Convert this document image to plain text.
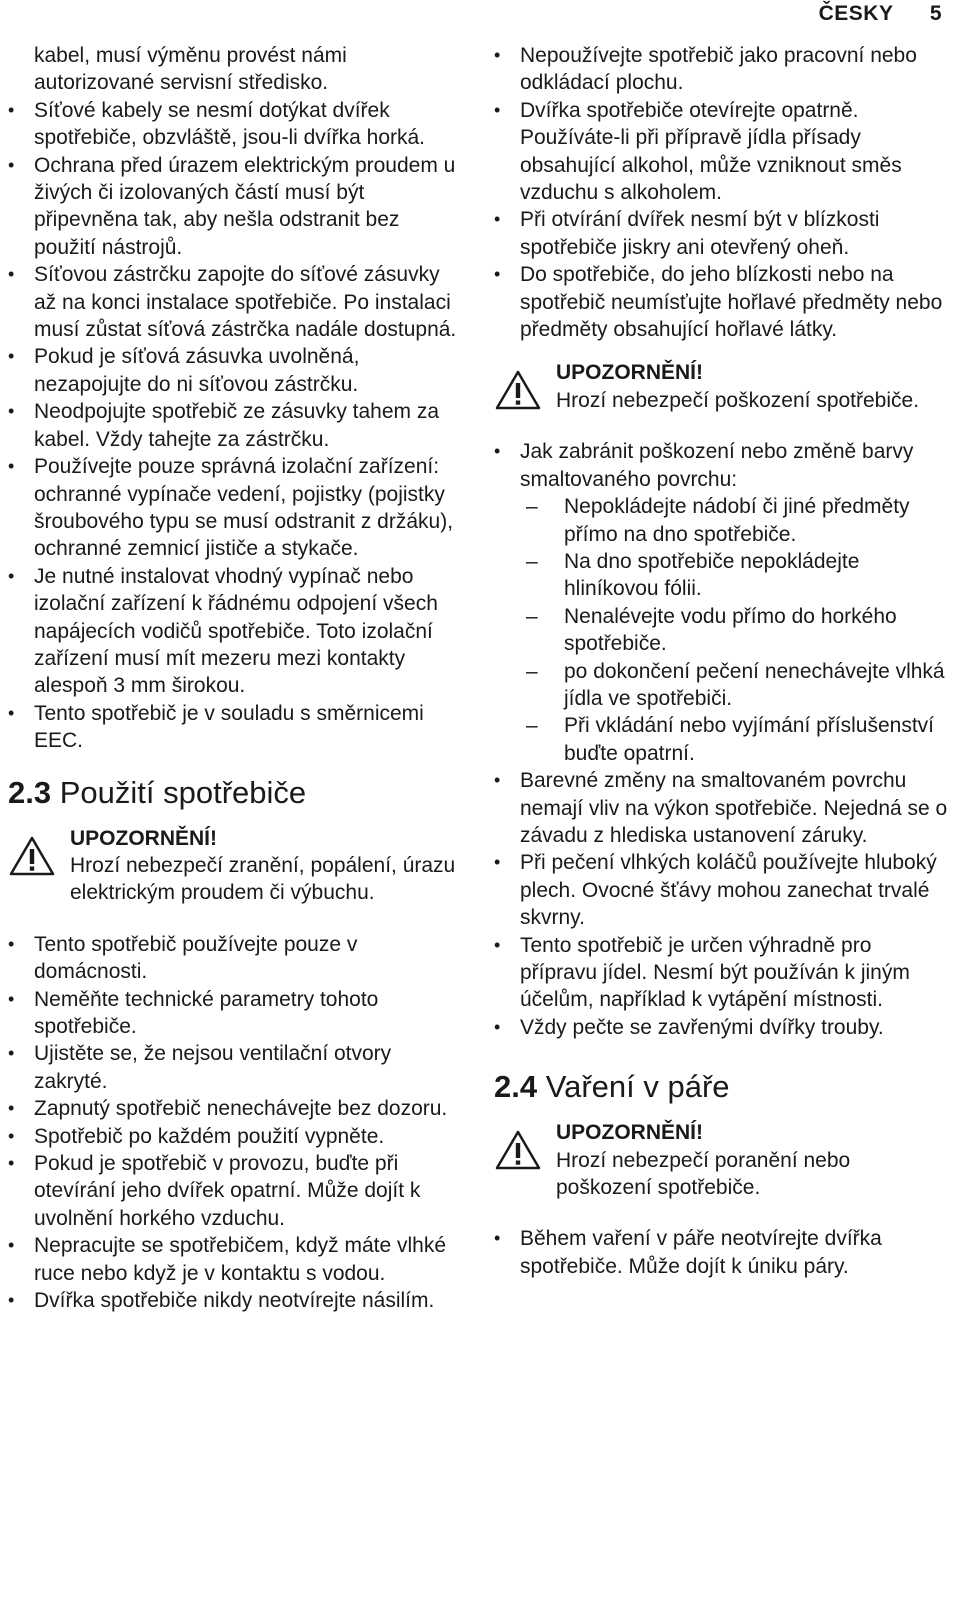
ČESKY 5
kabel, musí výměnu provést námi autorizované servisní středisko.
• Síťové kabely se nesmí dotýkat dvířek spotřebiče, obzvláště, jsou-li dvířka horká.
• Ochrana před úrazem elektrickým proudem u živých či izolovaných částí musí být připevněna tak, aby nešla odstranit bez použití nástrojů.
• Síťovou zástrčku zapojte do síťové zásuvky až na konci instalace spotřebiče. Po instalaci musí zůstat síťová zástrčka nadále dostupná.
• Pokud je síťová zásuvka uvolněná, nezapojujte do ni síťovou zástrčku.
• Neodpojujte spotřebič ze zásuvky tahem za kabel. Vždy tahejte za zástrčku.
• Používejte pouze správná izolační zařízení: ochranné vypínače vedení, pojistky (pojistky šroubového typu se musí odstranit z držáku), ochranné zemnicí jističe a stykače.
• Je nutné instalovat vhodný vypínač nebo izolační zařízení k řádnému odpojení všech napájecích vodičů spotřebiče. Toto izolační zařízení musí mít mezeru mezi kontakty alespoň 3 mm širokou.
• Tento spotřebič je v souladu s směrnicemi EEC.
2.3 Použití spotřebiče
UPOZORNĚNÍ!
Hrozí nebezpečí zranění, popálení, úrazu elektrickým proudem či výbuchu.
• Tento spotřebič používejte pouze v domácnosti.
• Neměňte technické parametry tohoto spotřebiče.
• Ujistěte se, že nejsou ventilační otvory zakryté.
• Zapnutý spotřebič nenechávejte bez dozoru.
• Spotřebič po každém použití vypněte.
• Pokud je spotřebič v provozu, buďte při otevírání jeho dvířek opatrní. Může dojít k uvolnění horkého vzduchu.
• Nepracujte se spotřebičem, když máte vlhké ruce nebo když je v kontaktu s vodou.
• Dvířka spotřebiče nikdy neotvírejte násilím.
• Nepoužívejte spotřebič jako pracovní nebo odkládací plochu.
• Dvířka spotřebiče otevírejte opatrně. Používáte-li při přípravě jídla přísady obsahující alkohol, může vzniknout směs vzduchu s alkoholem.
• Při otvírání dvířek nesmí být v blízkosti spotřebiče jiskry ani otevřený oheň.
• Do spotřebiče, do jeho blízkosti nebo na spotřebič neumísťujte hořlavé předměty nebo předměty obsahující hořlavé látky.
UPOZORNĚNÍ!
Hrozí nebezpečí poškození spotřebiče.
• Jak zabránit poškození nebo změně barvy smaltovaného povrchu:
– Nepokládejte nádobí či jiné předměty přímo na dno spotřebiče.
– Na dno spotřebiče nepokládejte hliníkovou fólii.
– Nenalévejte vodu přímo do horkého spotřebiče.
– po dokončení pečení nenechávejte vlhká jídla ve spotřebiči.
– Při vkládání nebo vyjímání příslušenství buďte opatrní.
• Barevné změny na smaltovaném povrchu nemají vliv na výkon spotřebiče. Nejedná se o závadu z hlediska ustanovení záruky.
• Při pečení vlhkých koláčů používejte hluboký plech. Ovocné šťávy mohou zanechat trvalé skvrny.
• Tento spotřebič je určen výhradně pro přípravu jídel. Nesmí být používán k jiným účelům, například k vytápění místnosti.
• Vždy pečte se zavřenými dvířky trouby.
2.4 Vaření v páře
UPOZORNĚNÍ!
Hrozí nebezpečí poranění nebo poškození spotřebiče.
• Během vaření v páře neotvírejte dvířka spotřebiče. Může dojít k úniku páry.
